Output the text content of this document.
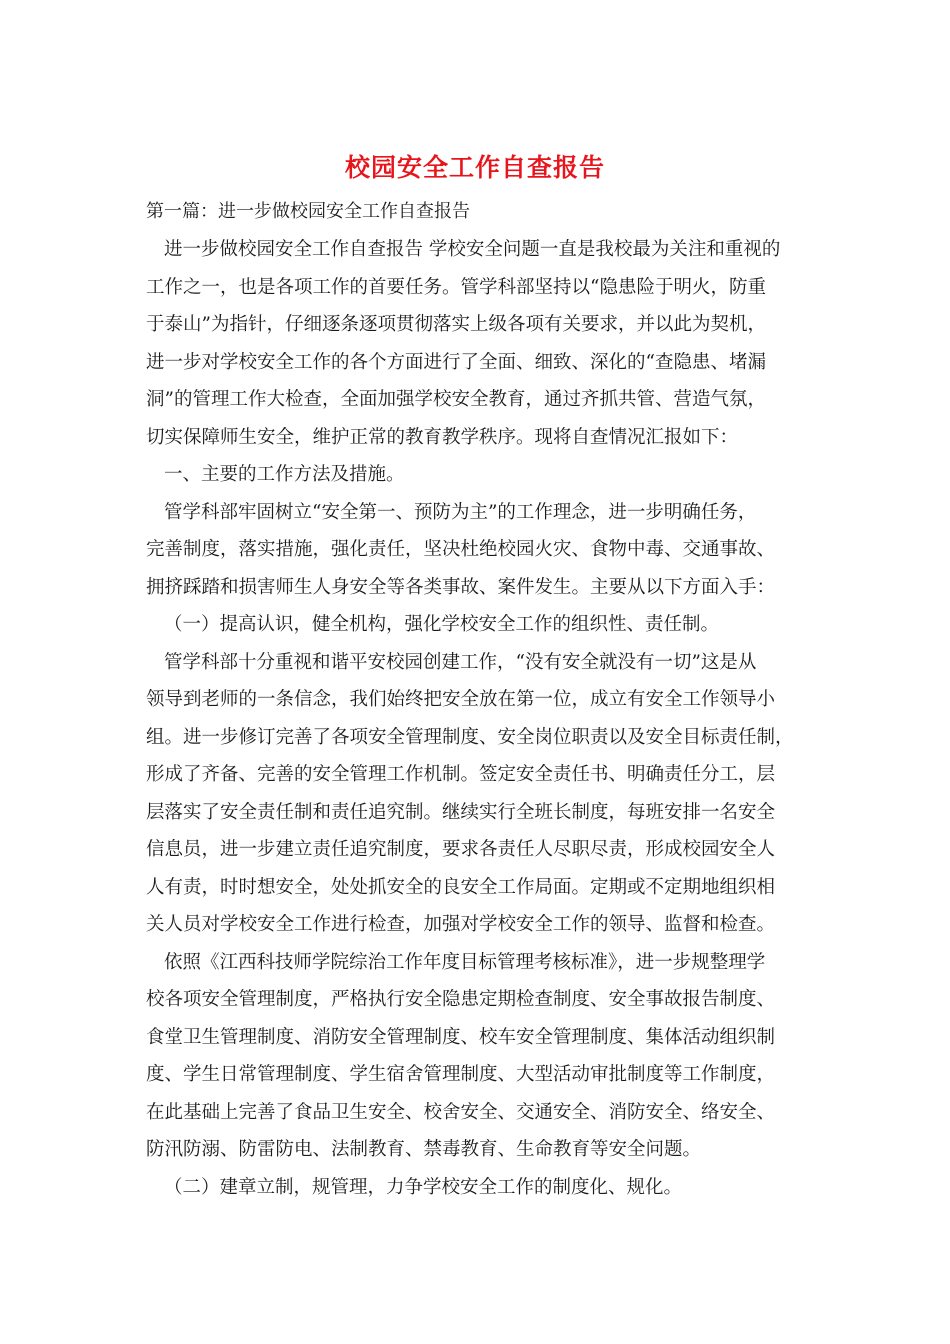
校园安全工作自查报告
第一篇：进一步做校园安全工作自查报告
进一步做校园安全工作自查报告 学校安全问题一直是我校最为关注和重视的
工作之一，也是各项工作的首要任务。管学科部坚持以“隐患险于明火，防重
于泰山”为指针，仔细逐条逐项贯彻落实上级各项有关要求，并以此为契机，
进一步对学校安全工作的各个方面进行了全面、细致、深化的“查隐患、堵漏
洞”的管理工作大检查，全面加强学校安全教育，通过齐抓共管、营造气氛，
切实保障师生安全，维护正常的教育教学秩序。现将自查情况汇报如下：
一、主要的工作方法及措施。
管学科部牢固树立“安全第一、预防为主”的工作理念，进一步明确任务，
完善制度，落实措施，强化责任，坚决杜绝校园火灾、食物中毒、交通事故、
拥挤踩踏和损害师生人身安全等各类事故、案件发生。主要从以下方面入手：
（一）提高认识，健全机构，强化学校安全工作的组织性、责任制。
管学科部十分重视和谐平安校园创建工作，“没有安全就没有一切”这是从
领导到老师的一条信念，我们始终把安全放在第一位，成立有安全工作领导小
组。进一步修订完善了各项安全管理制度、安全岗位职责以及安全目标责任制，
形成了齐备、完善的安全管理工作机制。签定安全责任书、明确责任分工，层
层落实了安全责任制和责任追究制。继续实行全班长制度，每班安排一名安全
信息员，进一步建立责任追究制度，要求各责任人尽职尽责，形成校园安全人
人有责，时时想安全，处处抓安全的良安全工作局面。定期或不定期地组织相
关人员对学校安全工作进行检查，加强对学校安全工作的领导、监督和检查。
依照《江西科技师学院综治工作年度目标管理考核标准》，进一步规整理学
校各项安全管理制度，严格执行安全隐患定期检查制度、安全事故报告制度、
食堂卫生管理制度、消防安全管理制度、校车安全管理制度、集体活动组织制
度、学生日常管理制度、学生宿舍管理制度、大型活动审批制度等工作制度，
在此基础上完善了食品卫生安全、校舍安全、交通安全、消防安全、络安全、
防汛防溺、防雷防电、法制教育、禁毒教育、生命教育等安全问题。
（二）建章立制，规管理，力争学校安全工作的制度化、规化。
